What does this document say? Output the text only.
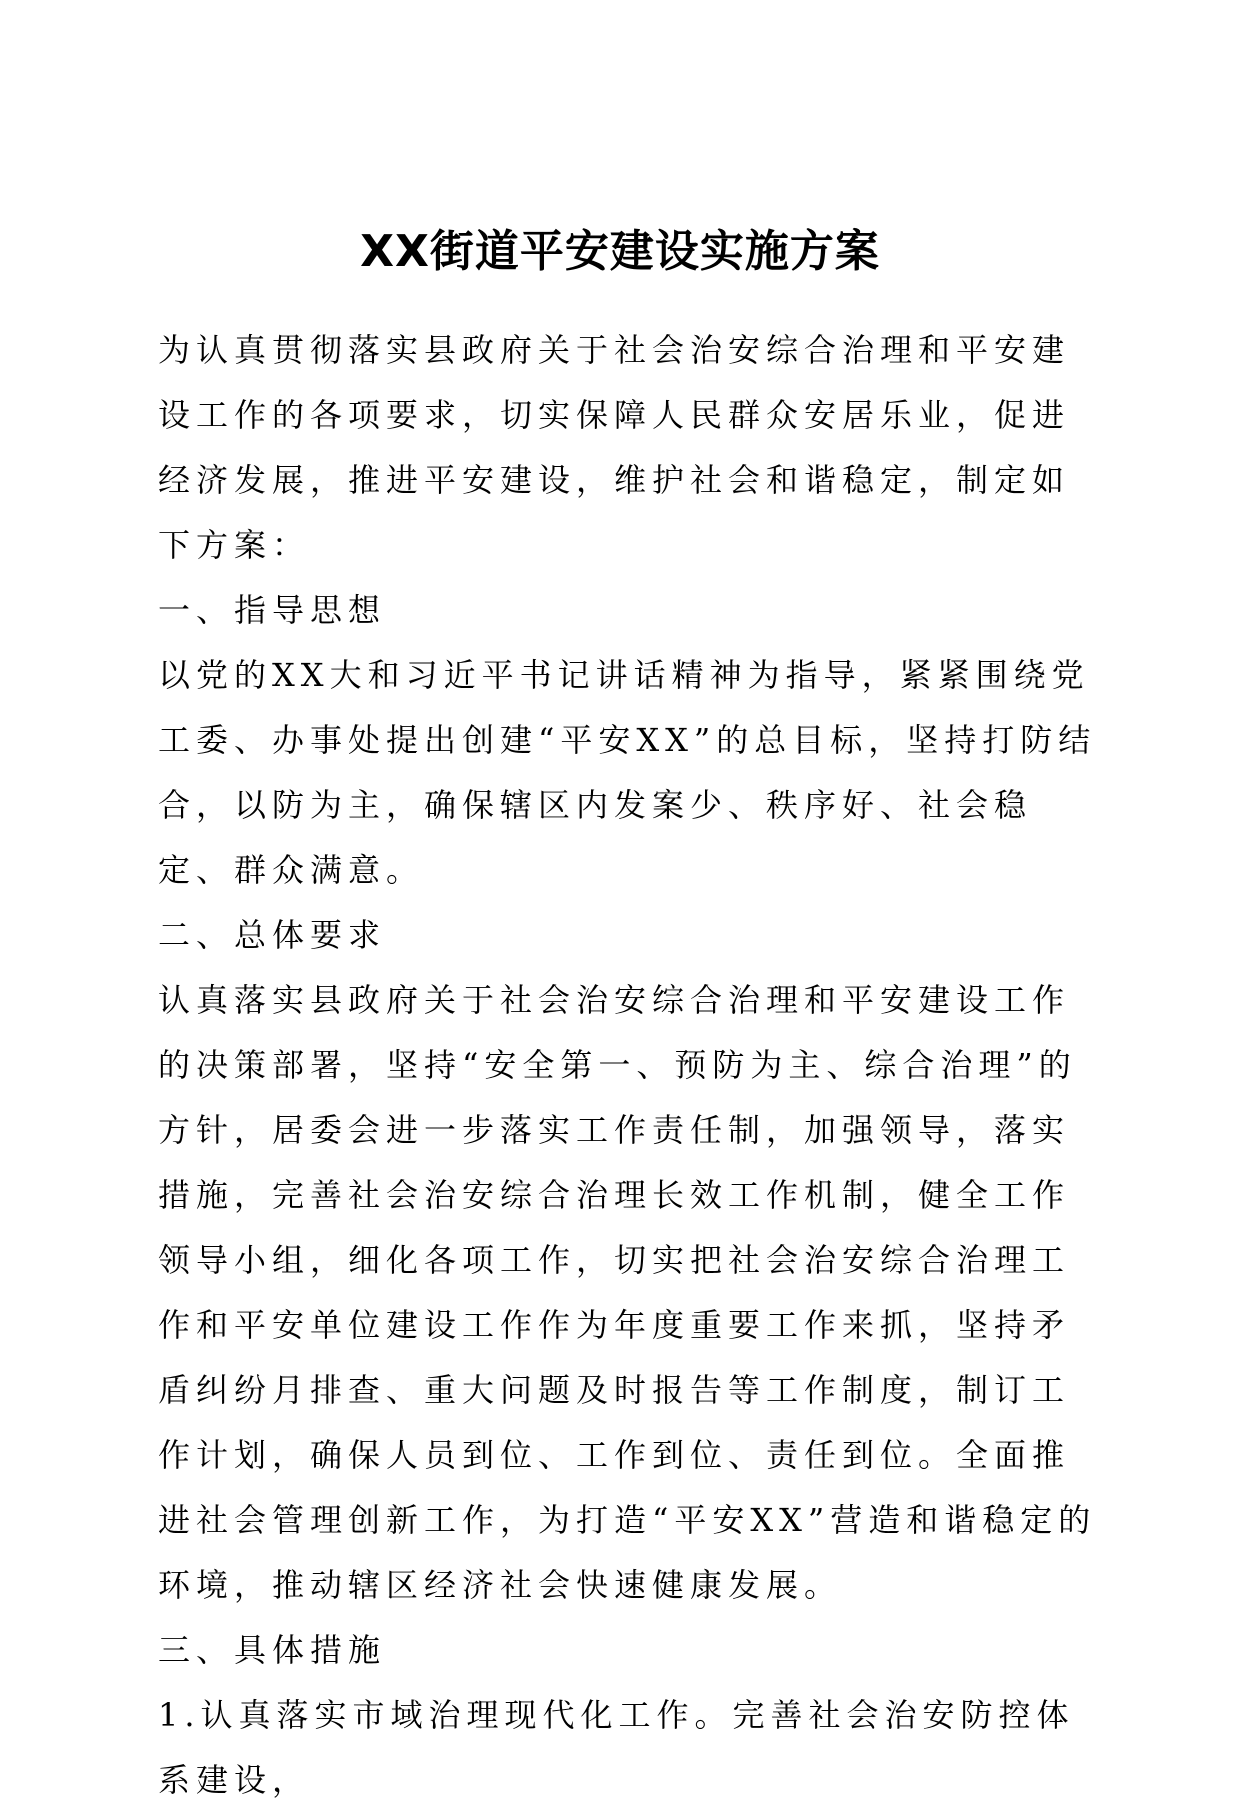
XX街道平安建设实施方案

为认真贯彻落实县政府关于社会治安综合治理和平安建设工作的各项要求，切实保障人民群众安居乐业，促进经济发展，推进平安建设，维护社会和谐稳定，制定如下方案：

一、指导思想

以党的XX大和习近平书记讲话精神为指导，紧紧围绕党工委、办事处提出创建“平安XX”的总目标，坚持打防结合，以防为主，确保辖区内发案少、秩序好、社会稳定、群众满意。

二、总体要求

认真落实县政府关于社会治安综合治理和平安建设工作的决策部署，坚持“安全第一、预防为主、综合治理”的方针，居委会进一步落实工作责任制，加强领导，落实措施，完善社会治安综合治理长效工作机制，健全工作领导小组，细化各项工作，切实把社会治安综合治理工作和平安单位建设工作作为年度重要工作来抓，坚持矛盾纠纷月排查、重大问题及时报告等工作制度，制订工作计划，确保人员到位、工作到位、责任到位。全面推进社会管理创新工作，为打造“平安XX”营造和谐稳定的环境，推动辖区经济社会快速健康发展。

三、具体措施

1.认真落实市域治理现代化工作。完善社会治安防控体系建设，
